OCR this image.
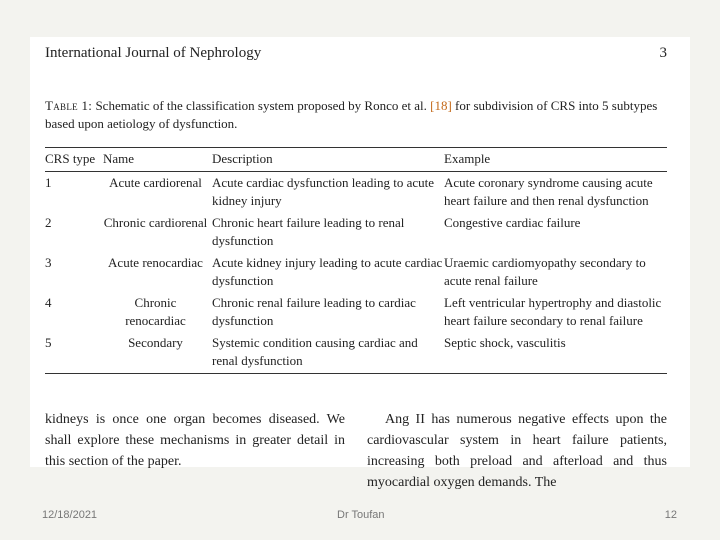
International Journal of Nephrology	3
Table 1: Schematic of the classification system proposed by Ronco et al. [18] for subdivision of CRS into 5 subtypes based upon aetiology of dysfunction.
CRS type	Name	Description	Example
1	Acute cardiorenal	Acute cardiac dysfunction leading to acute kidney injury	Acute coronary syndrome causing acute heart failure and then renal dysfunction
2	Chronic cardiorenal	Chronic heart failure leading to renal dysfunction	Congestive cardiac failure
3	Acute renocardiac	Acute kidney injury leading to acute cardiac dysfunction	Uraemic cardiomyopathy secondary to acute renal failure
4	Chronic renocardiac	Chronic renal failure leading to cardiac dysfunction	Left ventricular hypertrophy and diastolic heart failure secondary to renal failure
5	Secondary	Systemic condition causing cardiac and renal dysfunction	Septic shock, vasculitis
kidneys is once one organ becomes diseased. We shall explore these mechanisms in greater detail in this section of the paper.
Ang II has numerous negative effects upon the cardiovascular system in heart failure patients, increasing both preload and afterload and thus myocardial oxygen demands. The
12/18/2021	Dr Toufan	12
